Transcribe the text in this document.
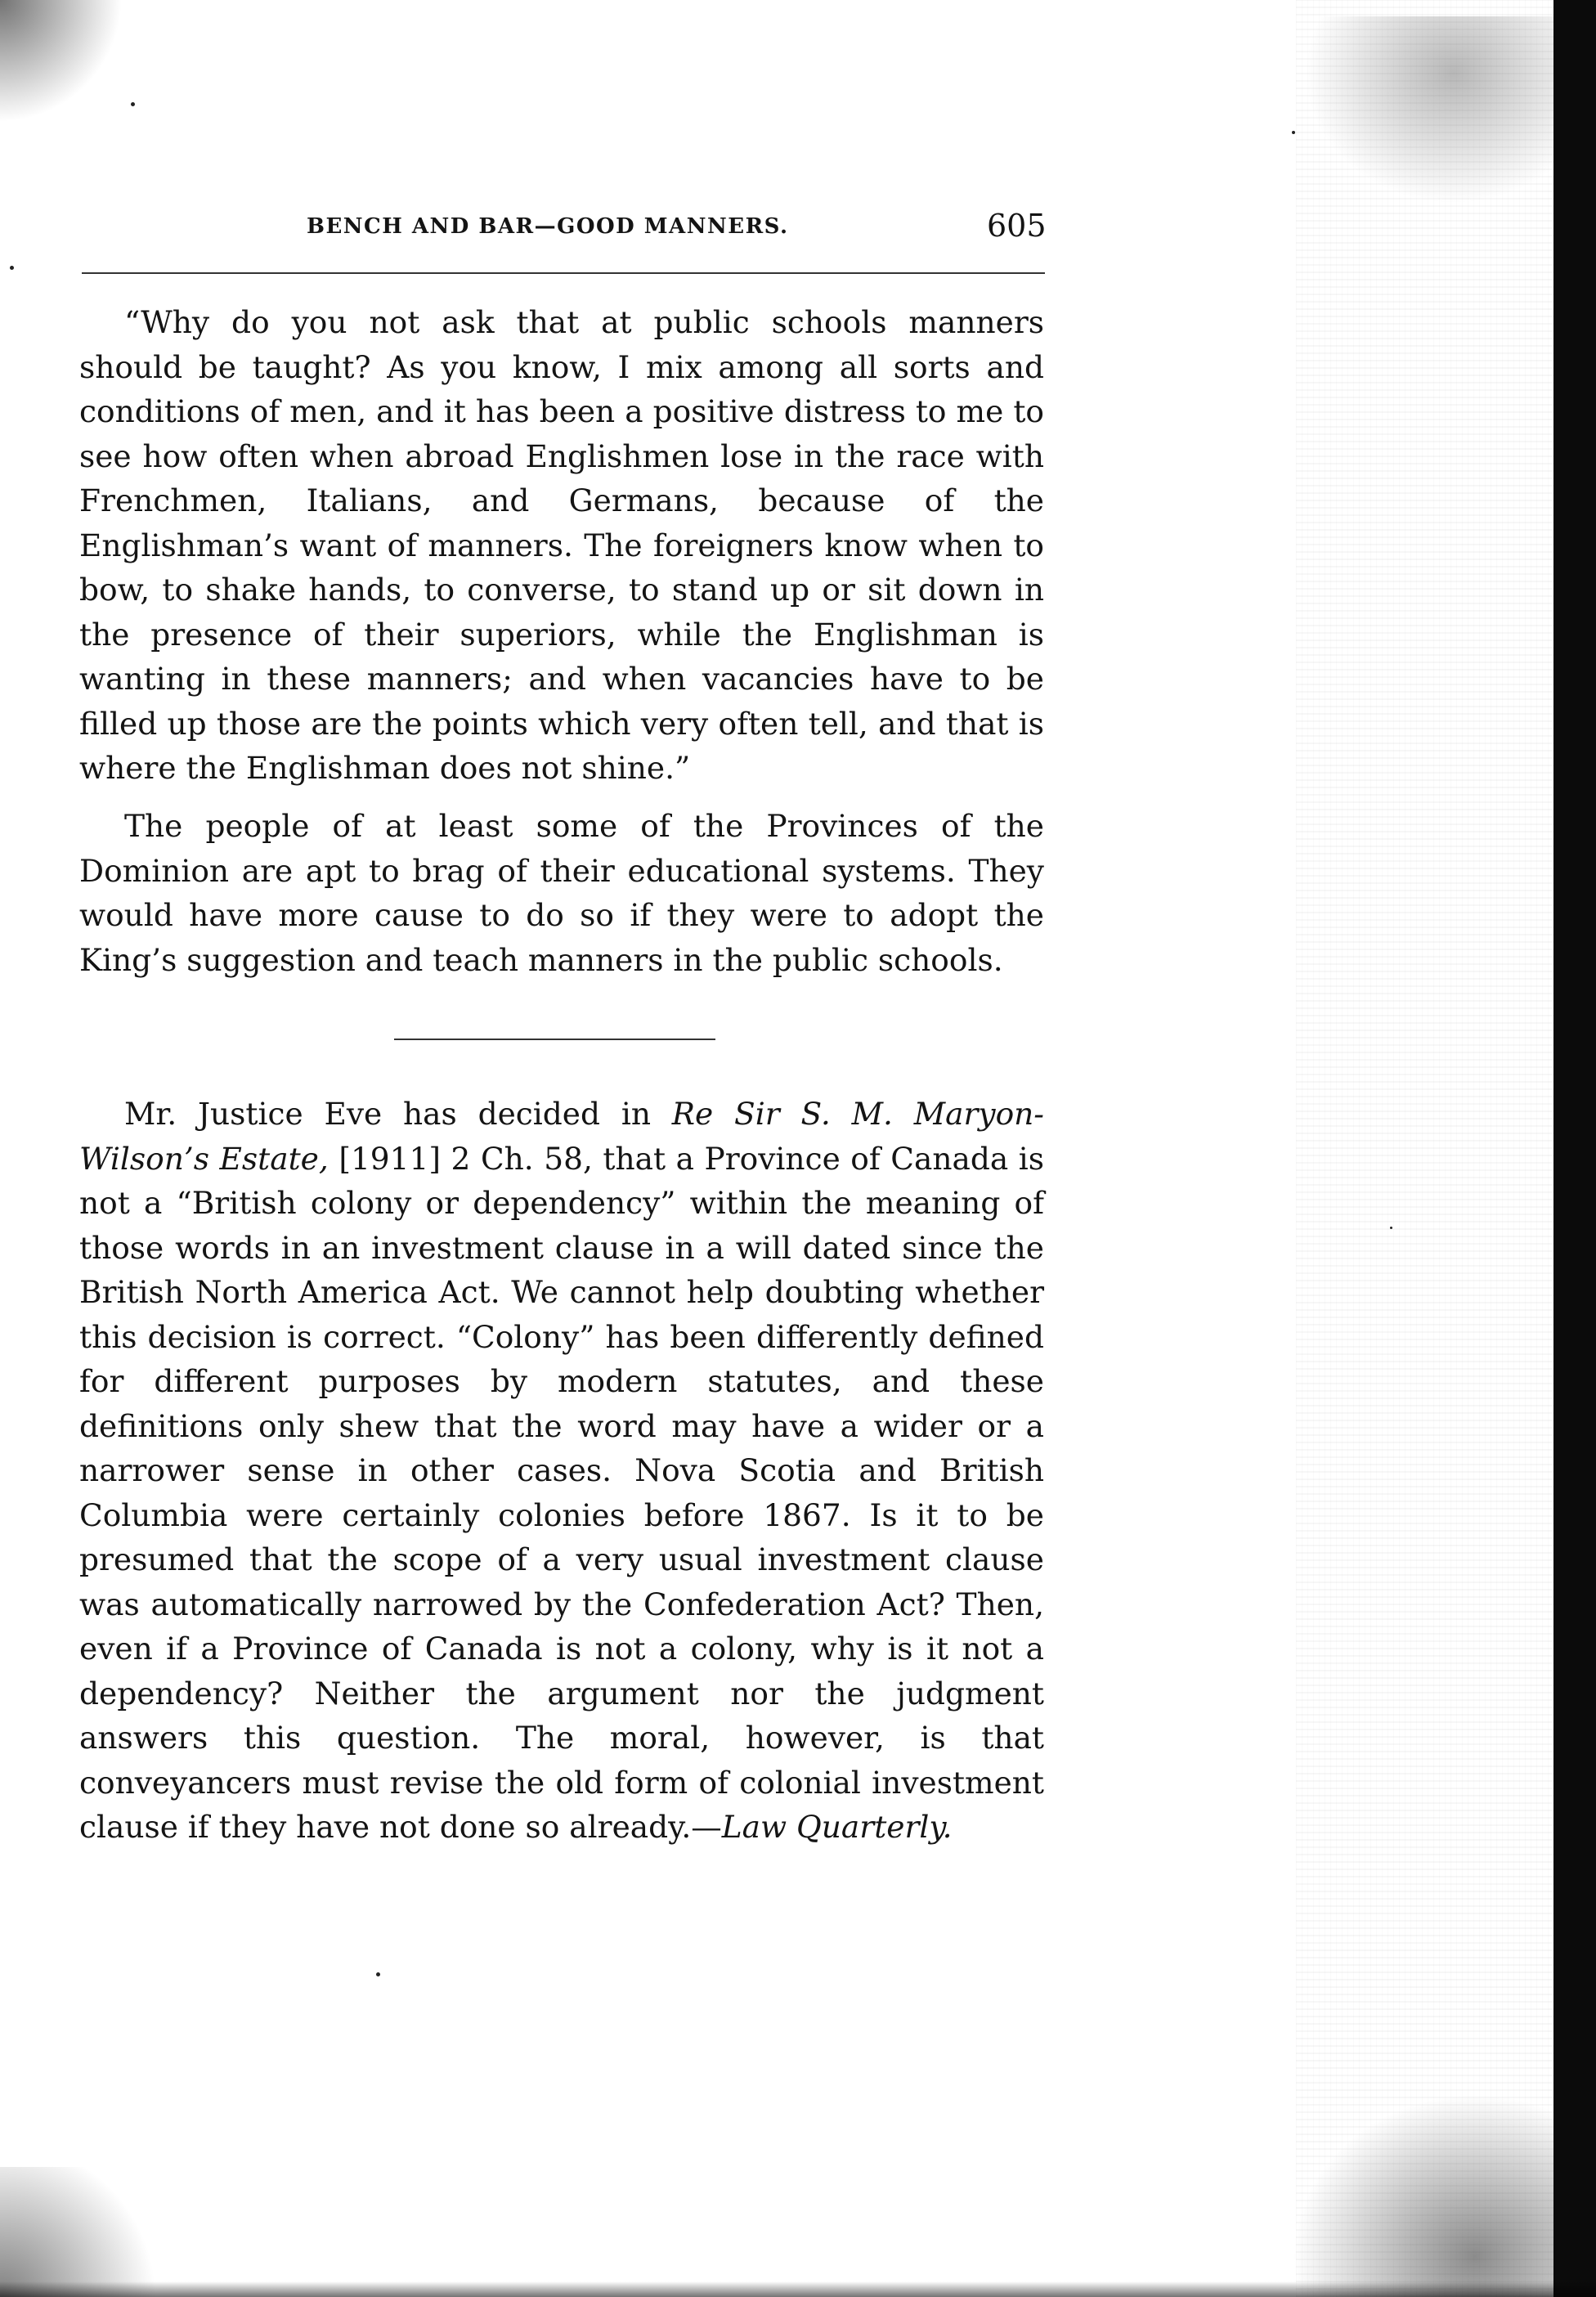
BENCH AND BAR—GOOD MANNERS.	605

“Why do you not ask that at public schools manners should be taught? As you know, I mix among all sorts and conditions of men, and it has been a positive distress to me to see how often when abroad Englishmen lose in the race with Frenchmen, Italians, and Germans, because of the Englishman’s want of manners. The foreigners know when to bow, to shake hands, to converse, to stand up or sit down in the presence of their superiors, while the Englishman is wanting in these manners; and when vacancies have to be filled up those are the points which very often tell, and that is where the Englishman does not shine.”

The people of at least some of the Provinces of the Dominion are apt to brag of their educational systems. They would have more cause to do so if they were to adopt the King’s suggestion and teach manners in the public schools.

Mr. Justice Eve has decided in Re Sir S. M. Maryon-Wilson’s Estate, [1911] 2 Ch. 58, that a Province of Canada is not a “British colony or dependency” within the meaning of those words in an investment clause in a will dated since the British North America Act. We cannot help doubting whether this decision is correct. “Colony” has been differently defined for different purposes by modern statutes, and these definitions only shew that the word may have a wider or a narrower sense in other cases. Nova Scotia and British Columbia were certainly colonies before 1867. Is it to be presumed that the scope of a very usual investment clause was automatically narrowed by the Confederation Act? Then, even if a Province of Canada is not a colony, why is it not a dependency? Neither the argument nor the judgment answers this question. The moral, however, is that conveyancers must revise the old form of colonial investment clause if they have not done so already.—Law Quarterly.
